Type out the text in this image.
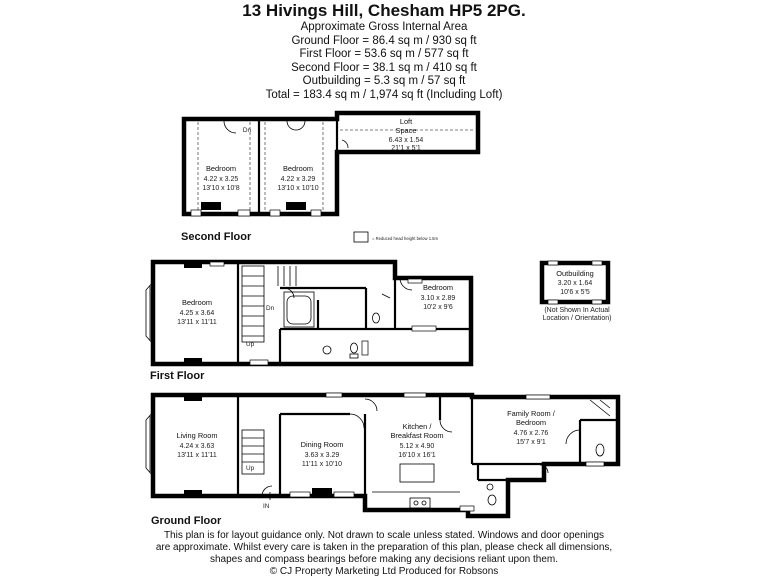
13 Hivings Hill, Chesham HP5 2PG.
Approximate Gross Internal Area
Ground Floor = 86.4 sq m / 930 sq ft
First Floor = 53.6 sq m / 577 sq ft
Second Floor = 38.1 sq m / 410 sq ft
Outbuilding = 5.3 sq m / 57 sq ft
Total = 183.4 sq m / 1,974 sq ft (Including Loft)
Bedroom
4.22 x 3.25
13'10 x 10'8
Bedroom
4.22 x 3.29
13'10 x 10'10
Loft
Space
6.43 x 1.54
21'1 x 5'1
Dn
= Reduced head height below 1.5m
Bedroom
4.25 x 3.64
13'11 x 11'11
Bedroom
3.10 x 2.89
10'2 x 9'6
Dn
Up
Outbuilding
3.20 x 1.64
10'6 x 5'5
(Not Shown In Actual
Location / Orientation)
Living Room
4.24 x 3.63
13'11 x 11'11
Dining Room
3.63 x 3.29
11'11 x 10'10
Kitchen /
Breakfast Room
5.12 x 4.90
16'10 x 16'1
Family Room /
Bedroom
4.76 x 2.76
15'7 x 9'1
Up
IN
Second Floor
First Floor
Ground Floor
This plan is for layout guidance only. Not drawn to scale unless stated. Windows and door openings
are approximate. Whilst every care is taken in the preparation of this plan, please check all dimensions,
shapes and compass bearings before making any decisions reliant upon them.
© CJ Property Marketing Ltd Produced for Robsons
